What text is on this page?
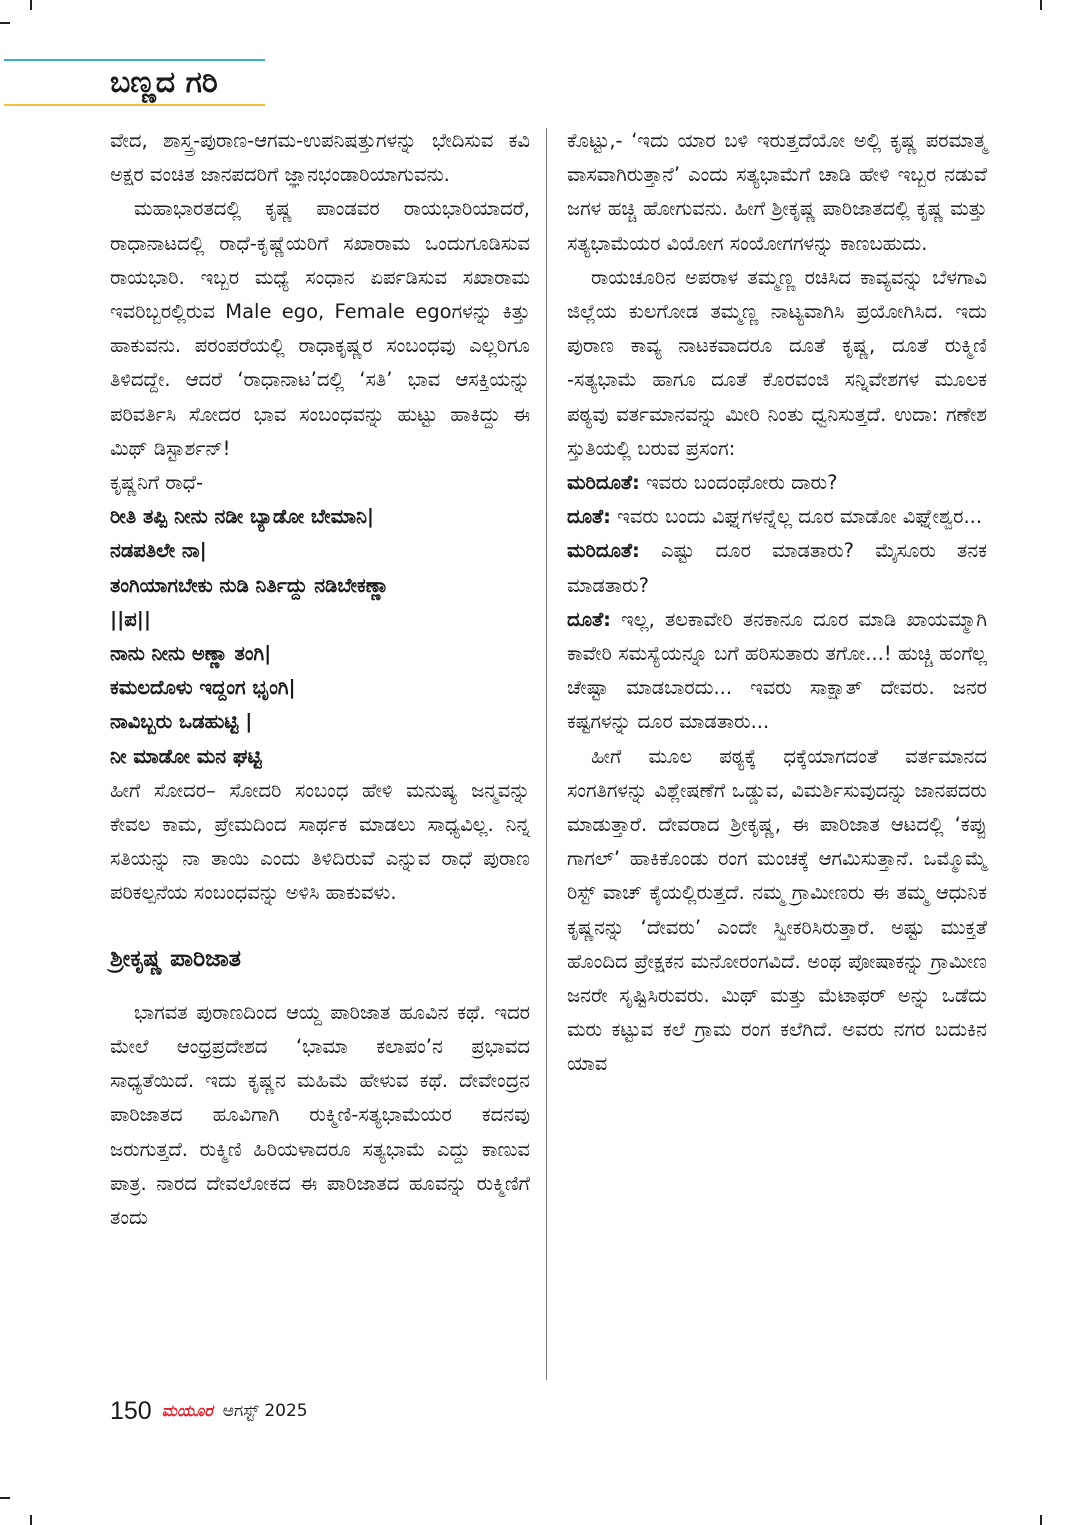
ಬಣ್ಣದ ಗರಿ

ವೇದ, ಶಾಸ್ತ್ರ-ಪುರಾಣ-ಆಗಮ-ಉಪನಿಷತ್ತುಗಳನ್ನು ಭೇದಿಸುವ ಕವಿ ಅಕ್ಷರ ವಂಚಿತ ಜಾನಪದರಿಗೆ ಜ್ಞಾನಭಂಡಾರಿಯಾಗುವನು.

ಮಹಾಭಾರತದಲ್ಲಿ ಕೃಷ್ಣ ಪಾಂಡವರ ರಾಯಭಾರಿಯಾದರೆ, ರಾಧಾನಾಟದಲ್ಲಿ ರಾಧೆ-ಕೃಷ್ಣೆಯರಿಗೆ ಸಖಾರಾಮ ಒಂದುಗೂಡಿಸುವ ರಾಯಭಾರಿ. ಇಬ್ಬರ ಮಧ್ಯೆ ಸಂಧಾನ ಏರ್ಪಡಿಸುವ ಸಖಾರಾಮ ಇವರಿಬ್ಬರಲ್ಲಿರುವ Male ego, Female egoಗಳನ್ನು ಕಿತ್ತು ಹಾಕುವನು. ಪರಂಪರೆಯಲ್ಲಿ ರಾಧಾಕೃಷ್ಣರ ಸಂಬಂಧವು ಎಲ್ಲರಿಗೂ ತಿಳಿದದ್ದೇ. ಆದರೆ ‘ರಾಧಾನಾಟ’ದಲ್ಲಿ ‘ಸತಿ’ ಭಾವ ಆಸಕ್ತಿಯನ್ನು ಪರಿವರ್ತಿಸಿ ಸೋದರ ಭಾವ ಸಂಬಂಧವನ್ನು ಹುಟ್ಟು ಹಾಕಿದ್ದು ಈ ಮಿಥ್ ಡಿಸ್ಟಾರ್ಶನ್!

ಕೃಷ್ಣನಿಗೆ ರಾಧೆ-

ರೀತಿ ತಪ್ಪಿ ನೀನು ನಡೀ ಬ್ಯಾಡೋ ಬೇಮಾನಿ|

ನಡಪತಿಲೇ ನಾ|

ತಂಗಿಯಾಗಬೇಕು ನುಡಿ ನಿರ್ತಿದ್ದು ನಡಿಬೇಕಣ್ಣಾ

||ಪ||

ನಾನು ನೀನು ಅಣ್ಣಾ ತಂಗಿ|

ಕಮಲದೊಳು ಇದ್ದಂಗ ಭೃಂಗಿ|

ನಾವಿಬ್ಬರು ಒಡಹುಟ್ಟಿ |

ನೀ ಮಾಡೋ ಮನ ಘಟ್ಟಿ

ಹೀಗೆ ಸೋದರ– ಸೋದರಿ ಸಂಬಂಧ ಹೇಳಿ ಮನುಷ್ಯ ಜನ್ಮವನ್ನು ಕೇವಲ ಕಾಮ, ಪ್ರೇಮದಿಂದ ಸಾರ್ಥಕ ಮಾಡಲು ಸಾಧ್ಯವಿಲ್ಲ. ನಿನ್ನ ಸತಿಯನ್ನು ನಾ ತಾಯಿ ಎಂದು ತಿಳಿದಿರುವೆ ಎನ್ನುವ ರಾಧೆ ಪುರಾಣ ಪರಿಕಲ್ಪನೆಯ ಸಂಬಂಧವನ್ನು ಅಳಿಸಿ ಹಾಕುವಳು.

ಶ್ರೀಕೃಷ್ಣ ಪಾರಿಜಾತ

ಭಾಗವತ ಪುರಾಣದಿಂದ ಆಯ್ದ ಪಾರಿಜಾತ ಹೂವಿನ ಕಥೆ. ಇದರ ಮೇಲೆ ಆಂಧ್ರಪ್ರದೇಶದ ‘ಭಾಮಾ ಕಲಾಪಂ’ನ ಪ್ರಭಾವದ ಸಾಧ್ಯತೆಯಿದೆ. ಇದು ಕೃಷ್ಣನ ಮಹಿಮೆ ಹೇಳುವ ಕಥೆ. ದೇವೇಂದ್ರನ ಪಾರಿಜಾತದ ಹೂವಿಗಾಗಿ ರುಕ್ಮಿಣಿ-ಸತ್ಯಭಾಮೆಯರ ಕದನವು ಜರುಗುತ್ತದೆ. ರುಕ್ಮಿಣಿ ಹಿರಿಯಳಾದರೂ ಸತ್ಯಭಾಮೆ ಎದ್ದು ಕಾಣುವ ಪಾತ್ರ. ನಾರದ ದೇವಲೋಕದ ಈ ಪಾರಿಜಾತದ ಹೂವನ್ನು ರುಕ್ಮಿಣಿಗೆ ತಂದು

ಕೊಟ್ಟು,- ‘ಇದು ಯಾರ ಬಳಿ ಇರುತ್ತದೆಯೋ ಅಲ್ಲಿ ಕೃಷ್ಣ ಪರಮಾತ್ಮ ವಾಸವಾಗಿರುತ್ತಾನೆ’ ಎಂದು ಸತ್ಯಭಾಮೆಗೆ ಚಾಡಿ ಹೇಳಿ ಇಬ್ಬರ ನಡುವೆ ಜಗಳ ಹಚ್ಚಿ ಹೋಗುವನು. ಹೀಗೆ ಶ್ರೀಕೃಷ್ಣ ಪಾರಿಜಾತದಲ್ಲಿ ಕೃಷ್ಣ ಮತ್ತು ಸತ್ಯಭಾಮೆಯರ ವಿಯೋಗ ಸಂಯೋಗಗಳನ್ನು ಕಾಣಬಹುದು.

ರಾಯಚೂರಿನ ಅಪರಾಳ ತಮ್ಮಣ್ಣ ರಚಿಸಿದ ಕಾವ್ಯವನ್ನು ಬೆಳಗಾವಿ ಜಿಲ್ಲೆಯ ಕುಲಗೋಡ ತಮ್ಮಣ್ಣ ನಾಟ್ಯವಾಗಿಸಿ ಪ್ರಯೋಗಿಸಿದ. ಇದು ಪುರಾಣ ಕಾವ್ಯ ನಾಟಕವಾದರೂ ದೂತೆ ಕೃಷ್ಣ, ದೂತೆ ರುಕ್ಮಿಣಿ -ಸತ್ಯಭಾಮೆ ಹಾಗೂ ದೂತೆ ಕೊರವಂಜಿ ಸನ್ನಿವೇಶಗಳ ಮೂಲಕ ಪಠ್ಯವು ವರ್ತಮಾನವನ್ನು ಮೀರಿ ನಿಂತು ಧ್ವನಿಸುತ್ತದೆ. ಉದಾ: ಗಣೇಶ ಸ್ತುತಿಯಲ್ಲಿ ಬರುವ ಪ್ರಸಂಗ:

ಮರಿದೂತೆ: ಇವರು ಬಂದಂಥೋರು ದಾರು?

ದೂತೆ: ಇವರು ಬಂದು ವಿಘ್ನಗಳನ್ನೆಲ್ಲ ದೂರ ಮಾಡೋ ವಿಘ್ನೇಶ್ವರ...

ಮರಿದೂತೆ: ಎಷ್ಟು ದೂರ ಮಾಡತಾರು? ಮೈಸೂರು ತನಕ ಮಾಡತಾರು?

ದೂತೆ: ಇಲ್ಲ, ತಲಕಾವೇರಿ ತನಕಾನೂ ದೂರ ಮಾಡಿ ಖಾಯಮ್ಮಾಗಿ ಕಾವೇರಿ ಸಮಸ್ಯೆಯನ್ನೂ ಬಗೆ ಹರಿಸುತಾರು ತಗೋ...! ಹುಚ್ಚಿ ಹಂಗೆಲ್ಲ ಚೇಷ್ಟಾ ಮಾಡಬಾರದು... ಇವರು ಸಾಕ್ಷಾತ್ ದೇವರು. ಜನರ ಕಷ್ಟಗಳನ್ನು ದೂರ ಮಾಡತಾರು...

ಹೀಗೆ ಮೂಲ ಪಠ್ಯಕ್ಕೆ ಧಕ್ಕೆಯಾಗದಂತೆ ವರ್ತಮಾನದ ಸಂಗತಿಗಳನ್ನು ವಿಶ್ಲೇಷಣೆಗೆ ಒಡ್ಡುವ, ವಿಮರ್ಶಿಸುವುದನ್ನು ಜಾನಪದರು ಮಾಡುತ್ತಾರೆ. ದೇವರಾದ ಶ್ರೀಕೃಷ್ಣ, ಈ ಪಾರಿಜಾತ ಆಟದಲ್ಲಿ ‘ಕಪ್ಪು ಗಾಗಲ್’ ಹಾಕಿಕೊಂಡು ರಂಗ ಮಂಚಕ್ಕೆ ಆಗಮಿಸುತ್ತಾನೆ. ಒಮ್ಮೊಮ್ಮೆ ರಿಸ್ಟ್ ವಾಚ್ ಕೈಯಲ್ಲಿರುತ್ತದೆ. ನಮ್ಮ ಗ್ರಾಮೀಣರು ಈ ತಮ್ಮ ಆಧುನಿಕ ಕೃಷ್ಣನನ್ನು ‘ದೇವರು’ ಎಂದೇ ಸ್ವೀಕರಿಸಿರುತ್ತಾರೆ. ಅಷ್ಟು ಮುಕ್ತತೆ ಹೊಂದಿದ ಪ್ರೇಕ್ಷಕನ ಮನೋರಂಗವಿದೆ. ಅಂಥ ಪೋಷಾಕನ್ನು ಗ್ರಾಮೀಣ ಜನರೇ ಸೃಷ್ಟಿಸಿರುವರು. ಮಿಥ್ ಮತ್ತು ಮೆಟಾಫರ್ ಅನ್ನು ಒಡೆದು ಮರು ಕಟ್ಟುವ ಕಲೆ ಗ್ರಾಮ ರಂಗ ಕಲೆಗಿದೆ. ಅವರು ನಗರ ಬದುಕಿನ ಯಾವ

150 ಮಯೂರ ಆಗಸ್ಟ್ 2025
